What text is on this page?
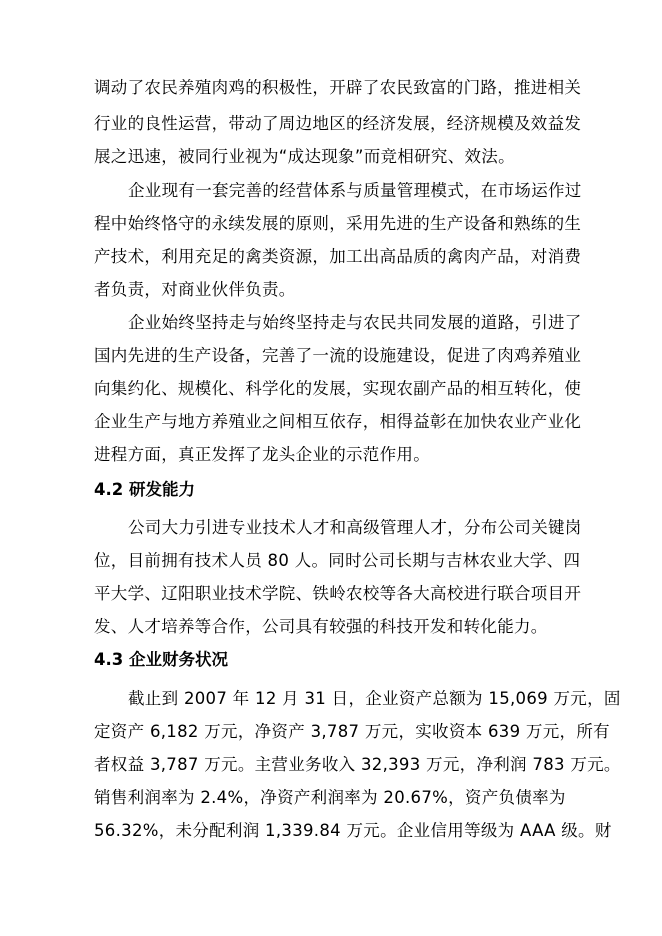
调动了农民养殖肉鸡的积极性，开辟了农民致富的门路，推进相关
行业的良性运营，带动了周边地区的经济发展，经济规模及效益发
展之迅速，被同行业视为“成达现象”而竞相研究、效法。
企业现有一套完善的经营体系与质量管理模式，在市场运作过
程中始终恪守的永续发展的原则，采用先进的生产设备和熟练的生
产技术，利用充足的禽类资源，加工出高品质的禽肉产品，对消费
者负责，对商业伙伴负责。
企业始终坚持走与始终坚持走与农民共同发展的道路，引进了
国内先进的生产设备，完善了一流的设施建设，促进了肉鸡养殖业
向集约化、规模化、科学化的发展，实现农副产品的相互转化，使
企业生产与地方养殖业之间相互依存，相得益彰在加快农业产业化
进程方面，真正发挥了龙头企业的示范作用。
4.2 研发能力
公司大力引进专业技术人才和高级管理人才，分布公司关键岗
位，目前拥有技术人员 80 人。同时公司长期与吉林农业大学、四
平大学、辽阳职业技术学院、铁岭农校等各大高校进行联合项目开
发、人才培养等合作，公司具有较强的科技开发和转化能力。
4.3 企业财务状况
截止到 2007 年 12 月 31 日，企业资产总额为 15,069 万元，固
定资产 6,182 万元，净资产 3,787 万元，实收资本 639 万元，所有
者权益 3,787 万元。主营业务收入 32,393 万元，净利润 783 万元。
销售利润率为 2.4%，净资产利润率为 20.67%，资产负债率为
56.32%，未分配利润 1,339.84 万元。企业信用等级为 AAA 级。财
